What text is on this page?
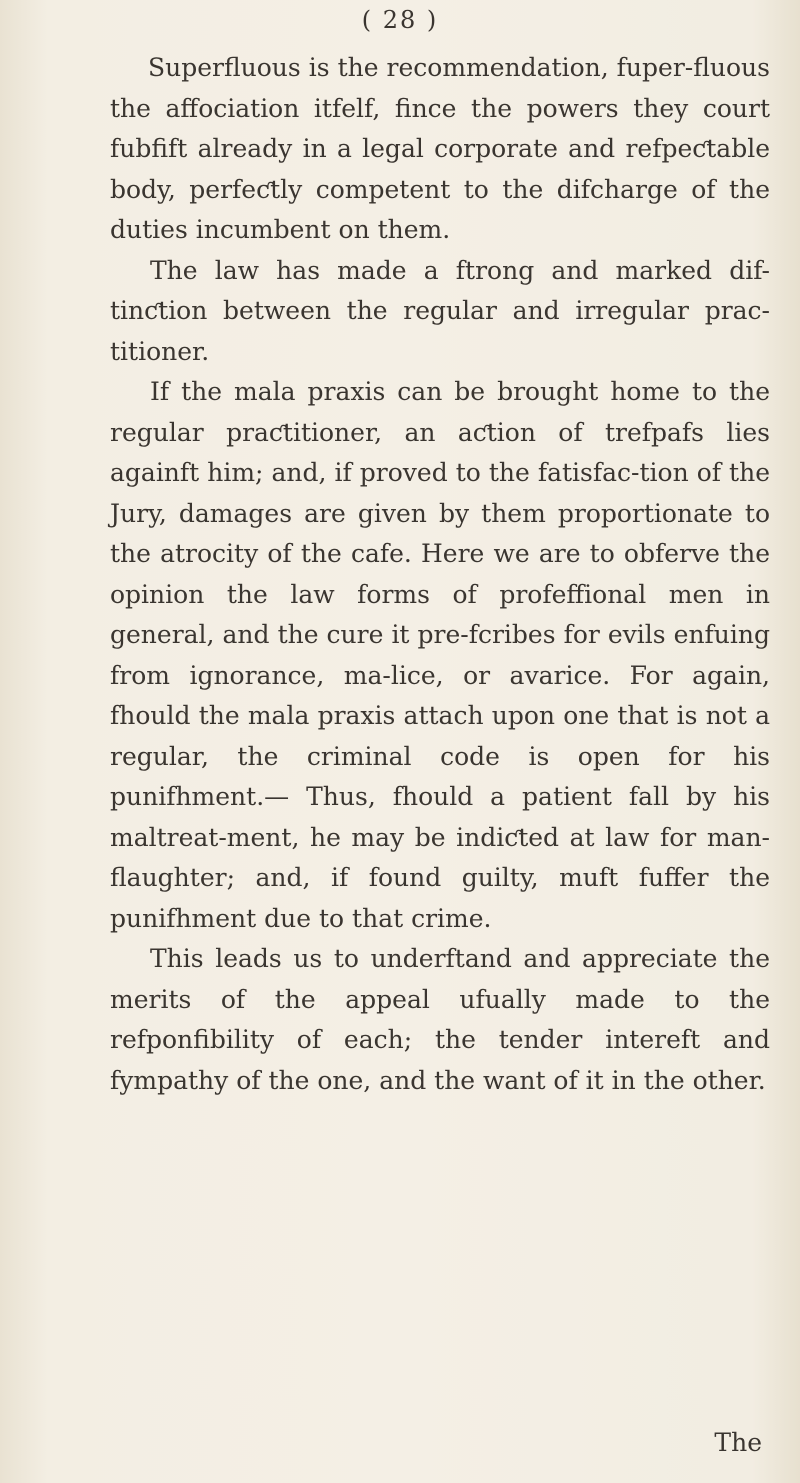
( 28 )

Superfluous is the recommendation, fuper-fluous the affociation itfelf, fince the powers they court fubfift already in a legal corporate and refpeƈtable body, perfeƈtly competent to the difcharge of the duties incumbent on them.

The law has made a ftrong and marked dif-tinƈtion between the regular and irregular prac-titioner.

If the mala praxis can be brought home to the regular praƈtitioner, an aƈtion of trefpafs lies againft him; and, if proved to the fatisfac-tion of the Jury, damages are given by them proportionate to the atrocity of the cafe. Here we are to obferve the opinion the law forms of profeffional men in general, and the cure it pre-fcribes for evils enfuing from ignorance, ma-lice, or avarice. For again, fhould the mala praxis attach upon one that is not a regular, the criminal code is open for his punifhment.— Thus, fhould a patient fall by his maltreat-ment, he may be indiƈted at law for man-flaughter; and, if found guilty, muft fuffer the punifhment due to that crime.

This leads us to underftand and appreciate the merits of the appeal ufually made to the refponfibility of each; the tender intereft and fympathy of the one, and the want of it in the other.

The
